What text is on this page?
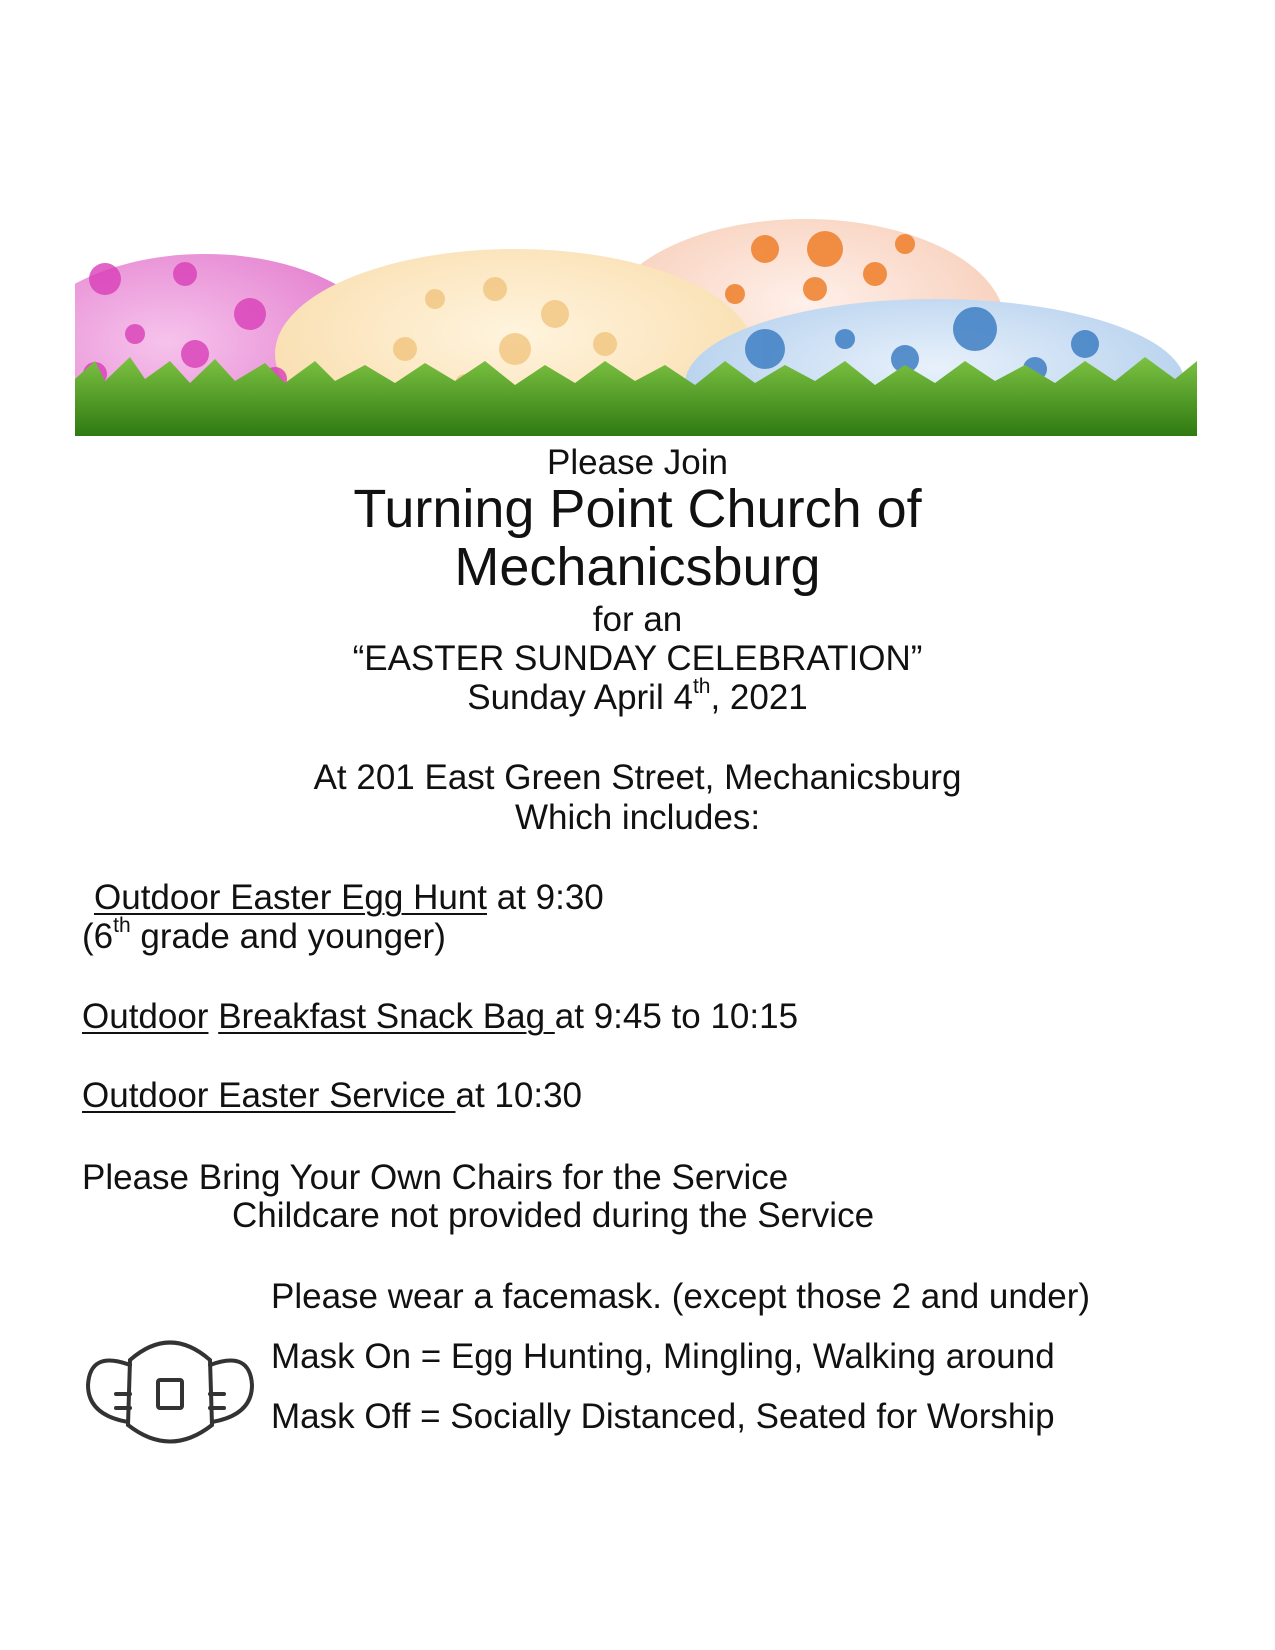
Please Join
Turning Point Church of
Mechanicsburg
for an
“EASTER SUNDAY CELEBRATION”
Sunday April 4th, 2021
At 201 East Green Street, Mechanicsburg
Which includes:
Outdoor Easter Egg Hunt at 9:30
(6th grade and younger)
Outdoor Breakfast Snack Bag at 9:45 to 10:15
Outdoor Easter Service at 10:30
Please Bring Your Own Chairs for the Service
Childcare not provided during the Service
Please wear a facemask. (except those 2 and under)
Mask On = Egg Hunting, Mingling, Walking around
Mask Off = Socially Distanced, Seated for Worship
